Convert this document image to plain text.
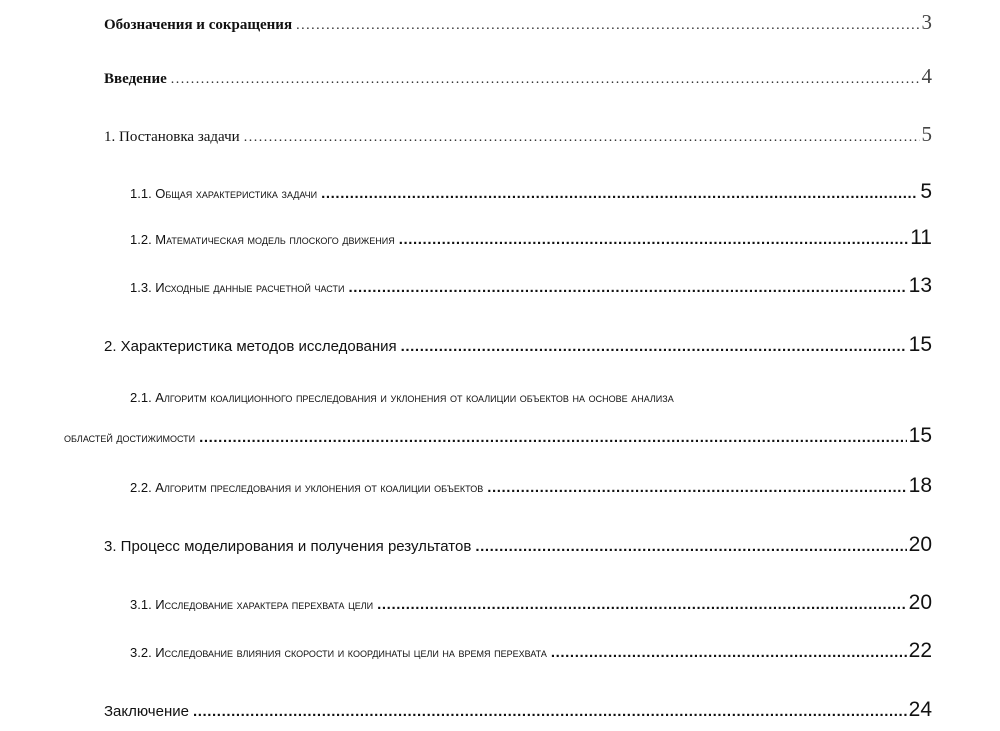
Обозначения и сокращения .....	3
Введение .....	4
1. Постановка задачи .....	5
1.1. Общая характеристика задачи .....	5
1.2. Математическая модель плоского движения .....	11
1.3. Исходные данные расчетной части .....	13
2. Характеристика методов исследования .....	15
2.1. Алгоритм коалиционного преследования и уклонения от коалиции объектов на основе анализа
областей достижимости .....	15
2.2. Алгоритм преследования и уклонения от коалиции объектов .....	18
3. Процесс моделирования и получения результатов .....	20
3.1. Исследование характера перехвата цели .....	20
3.2. Исследование влияния скорости и координаты цели на время перехвата .....	22
Заключение .....	24
